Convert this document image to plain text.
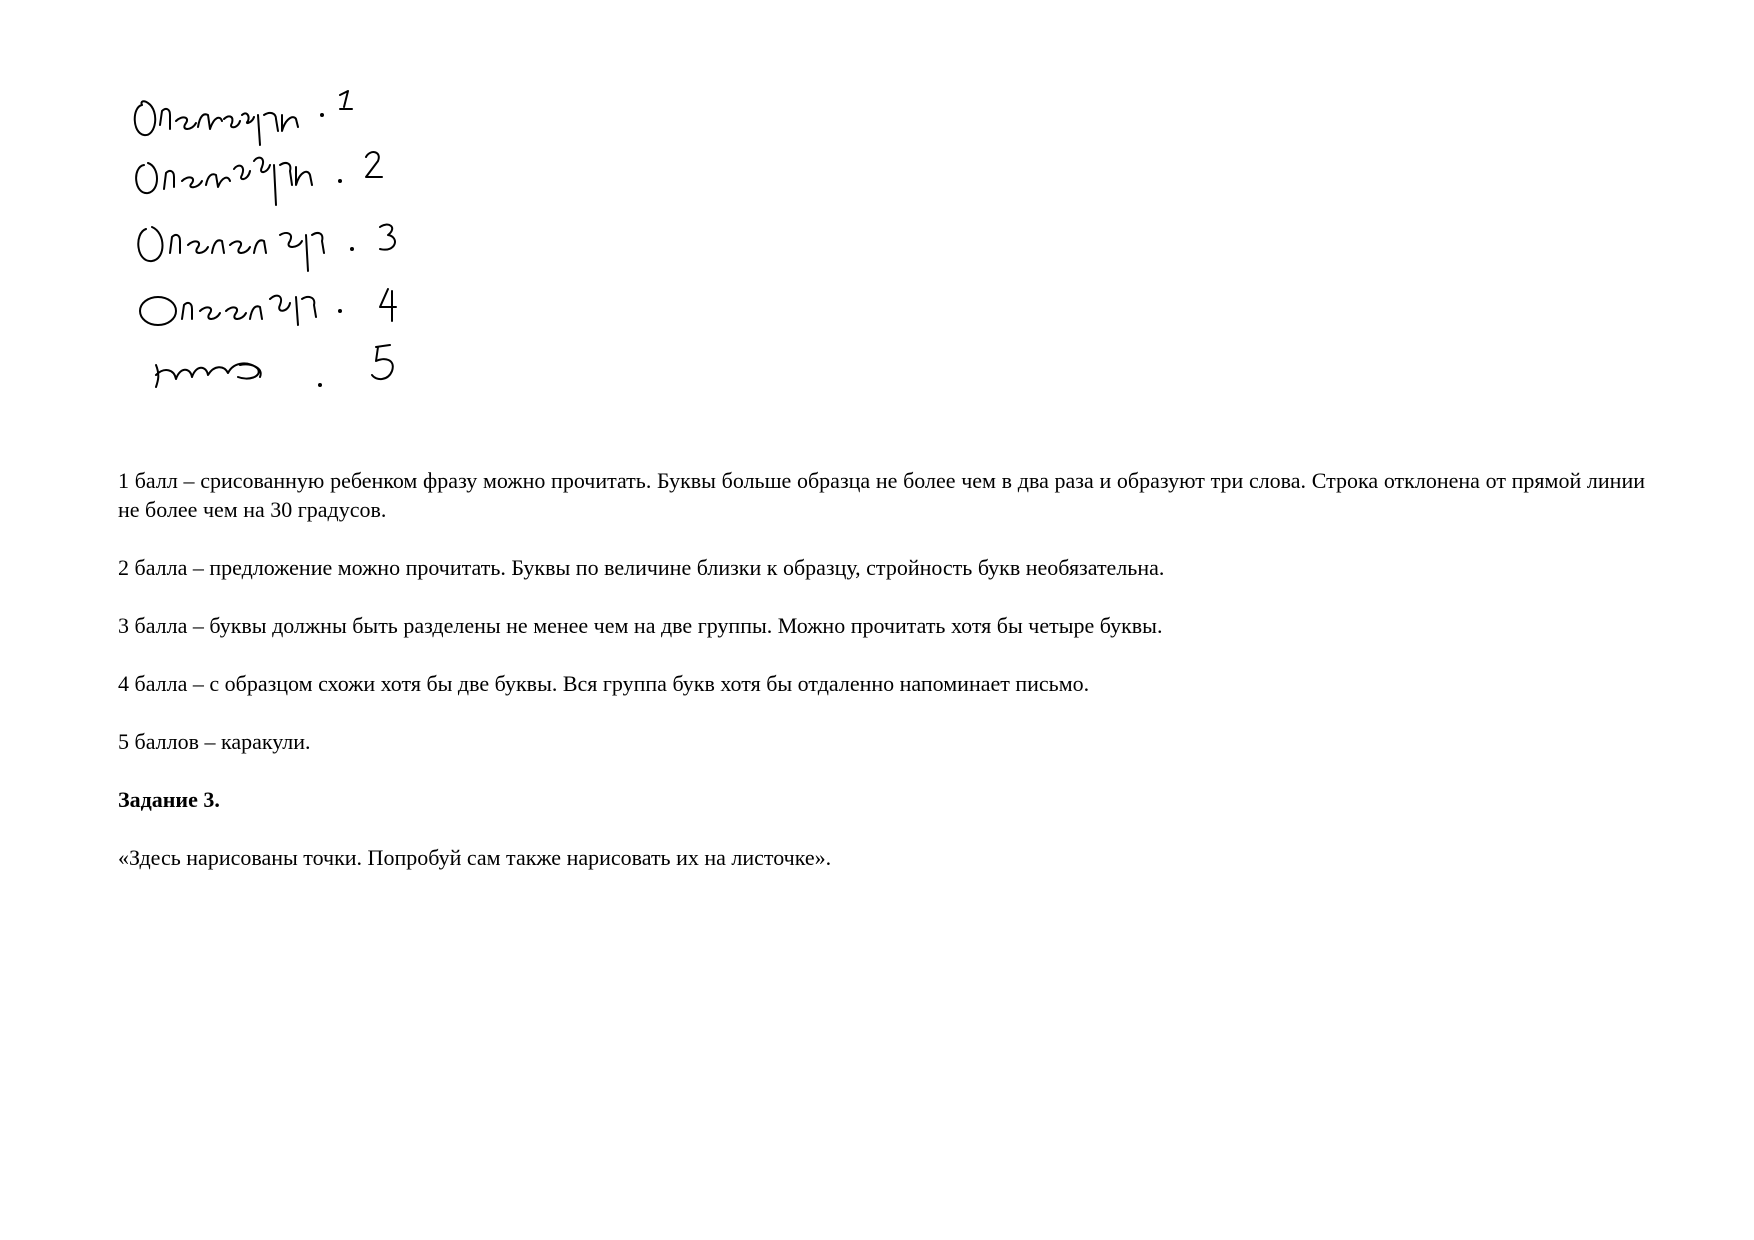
1 балл – срисованную ребенком фразу можно прочитать. Буквы больше образца не более чем в два раза и образуют три слова. Строка отклонена от прямой линии не более чем на 30 градусов.

2 балла – предложение можно прочитать. Буквы по величине близки к образцу, стройность букв необязательна.

3 балла – буквы должны быть разделены не менее чем на две группы. Можно прочитать хотя бы четыре буквы.

4 балла – с образцом схожи хотя бы две буквы. Вся группа букв хотя бы отдаленно напоминает письмо.

5 баллов – каракули.

Задание 3.

«Здесь нарисованы точки. Попробуй сам также нарисовать их на листочке».
